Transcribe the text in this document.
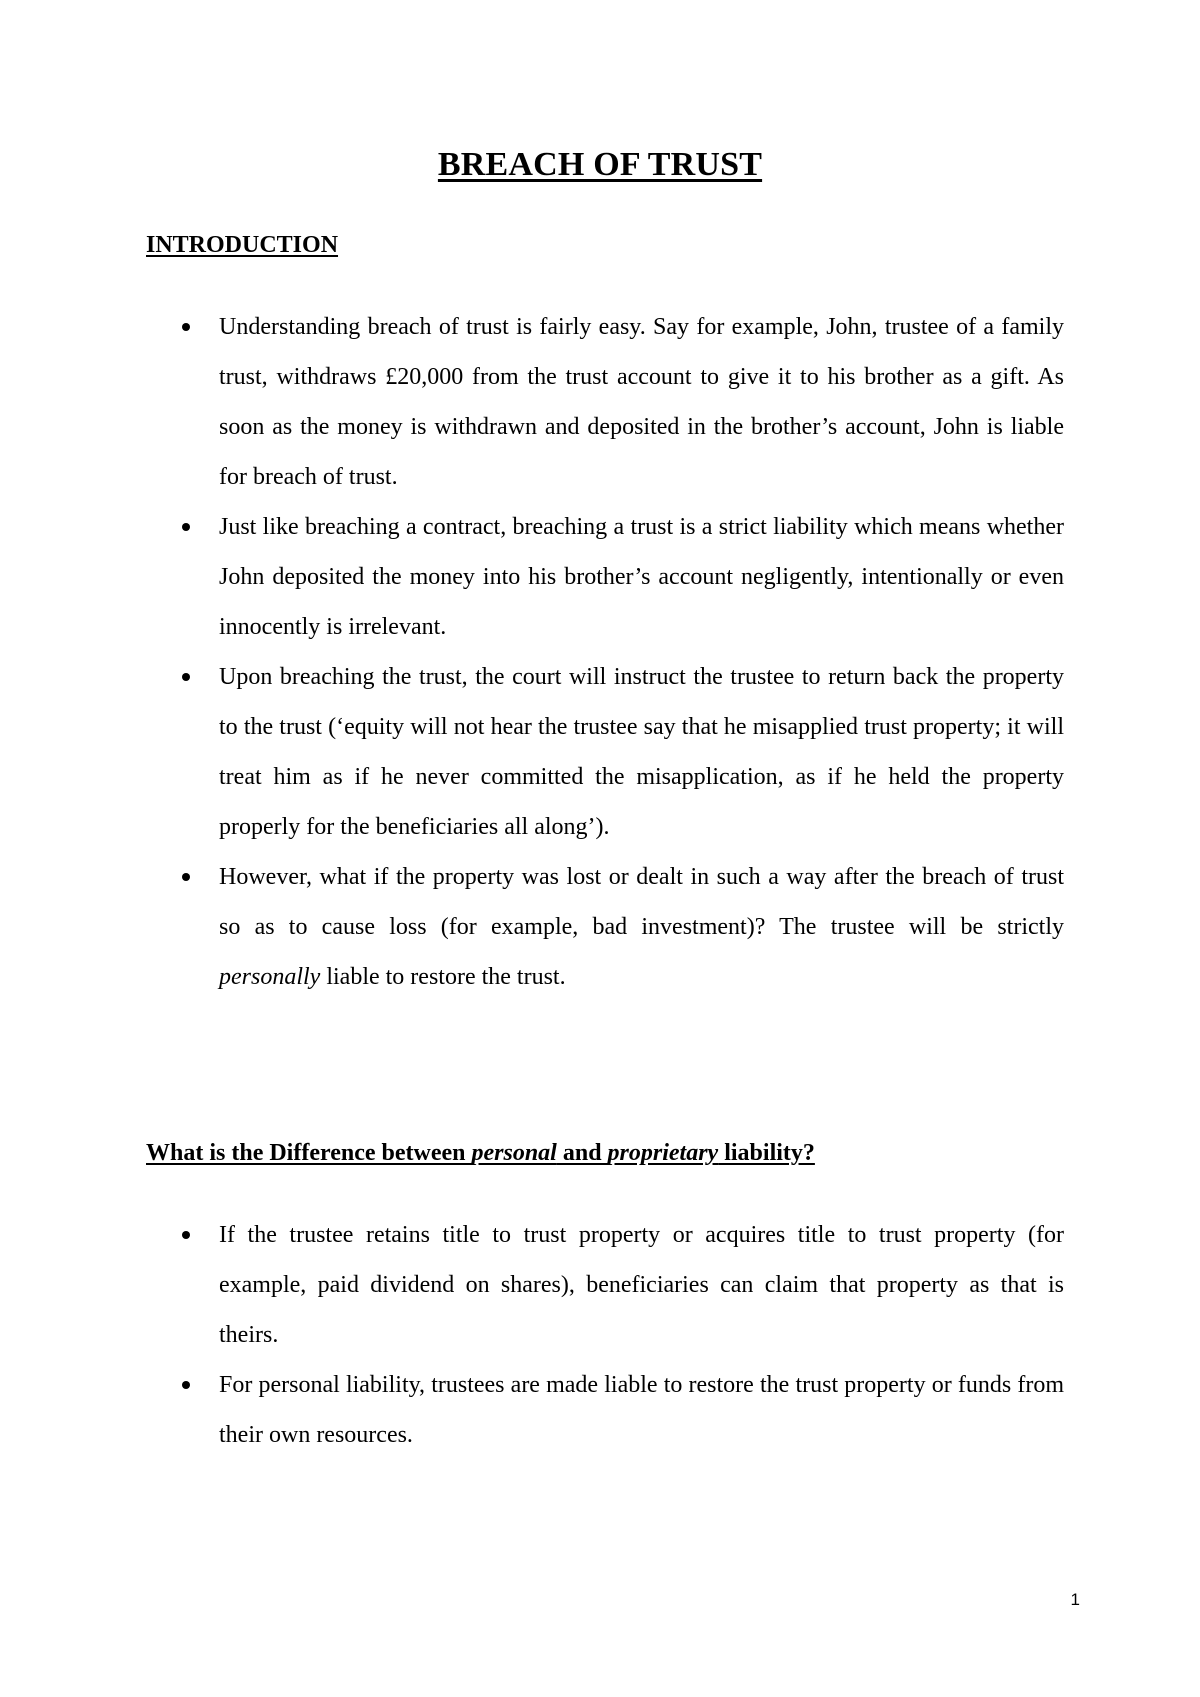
BREACH OF TRUST
INTRODUCTION
Understanding breach of trust is fairly easy. Say for example, John, trustee of a family trust, withdraws £20,000 from the trust account to give it to his brother as a gift. As soon as the money is withdrawn and deposited in the brother’s account, John is liable for breach of trust.
Just like breaching a contract, breaching a trust is a strict liability which means whether John deposited the money into his brother’s account negligently, intentionally or even innocently is irrelevant.
Upon breaching the trust, the court will instruct the trustee to return back the property to the trust (‘equity will not hear the trustee say that he misapplied trust property; it will treat him as if he never committed the misapplication, as if he held the property properly for the beneficiaries all along’).
However, what if the property was lost or dealt in such a way after the breach of trust so as to cause loss (for example, bad investment)? The trustee will be strictly personally liable to restore the trust.
What is the Difference between personal and proprietary liability?
If the trustee retains title to trust property or acquires title to trust property (for example, paid dividend on shares), beneficiaries can claim that property as that is theirs.
For personal liability, trustees are made liable to restore the trust property or funds from their own resources.

1
